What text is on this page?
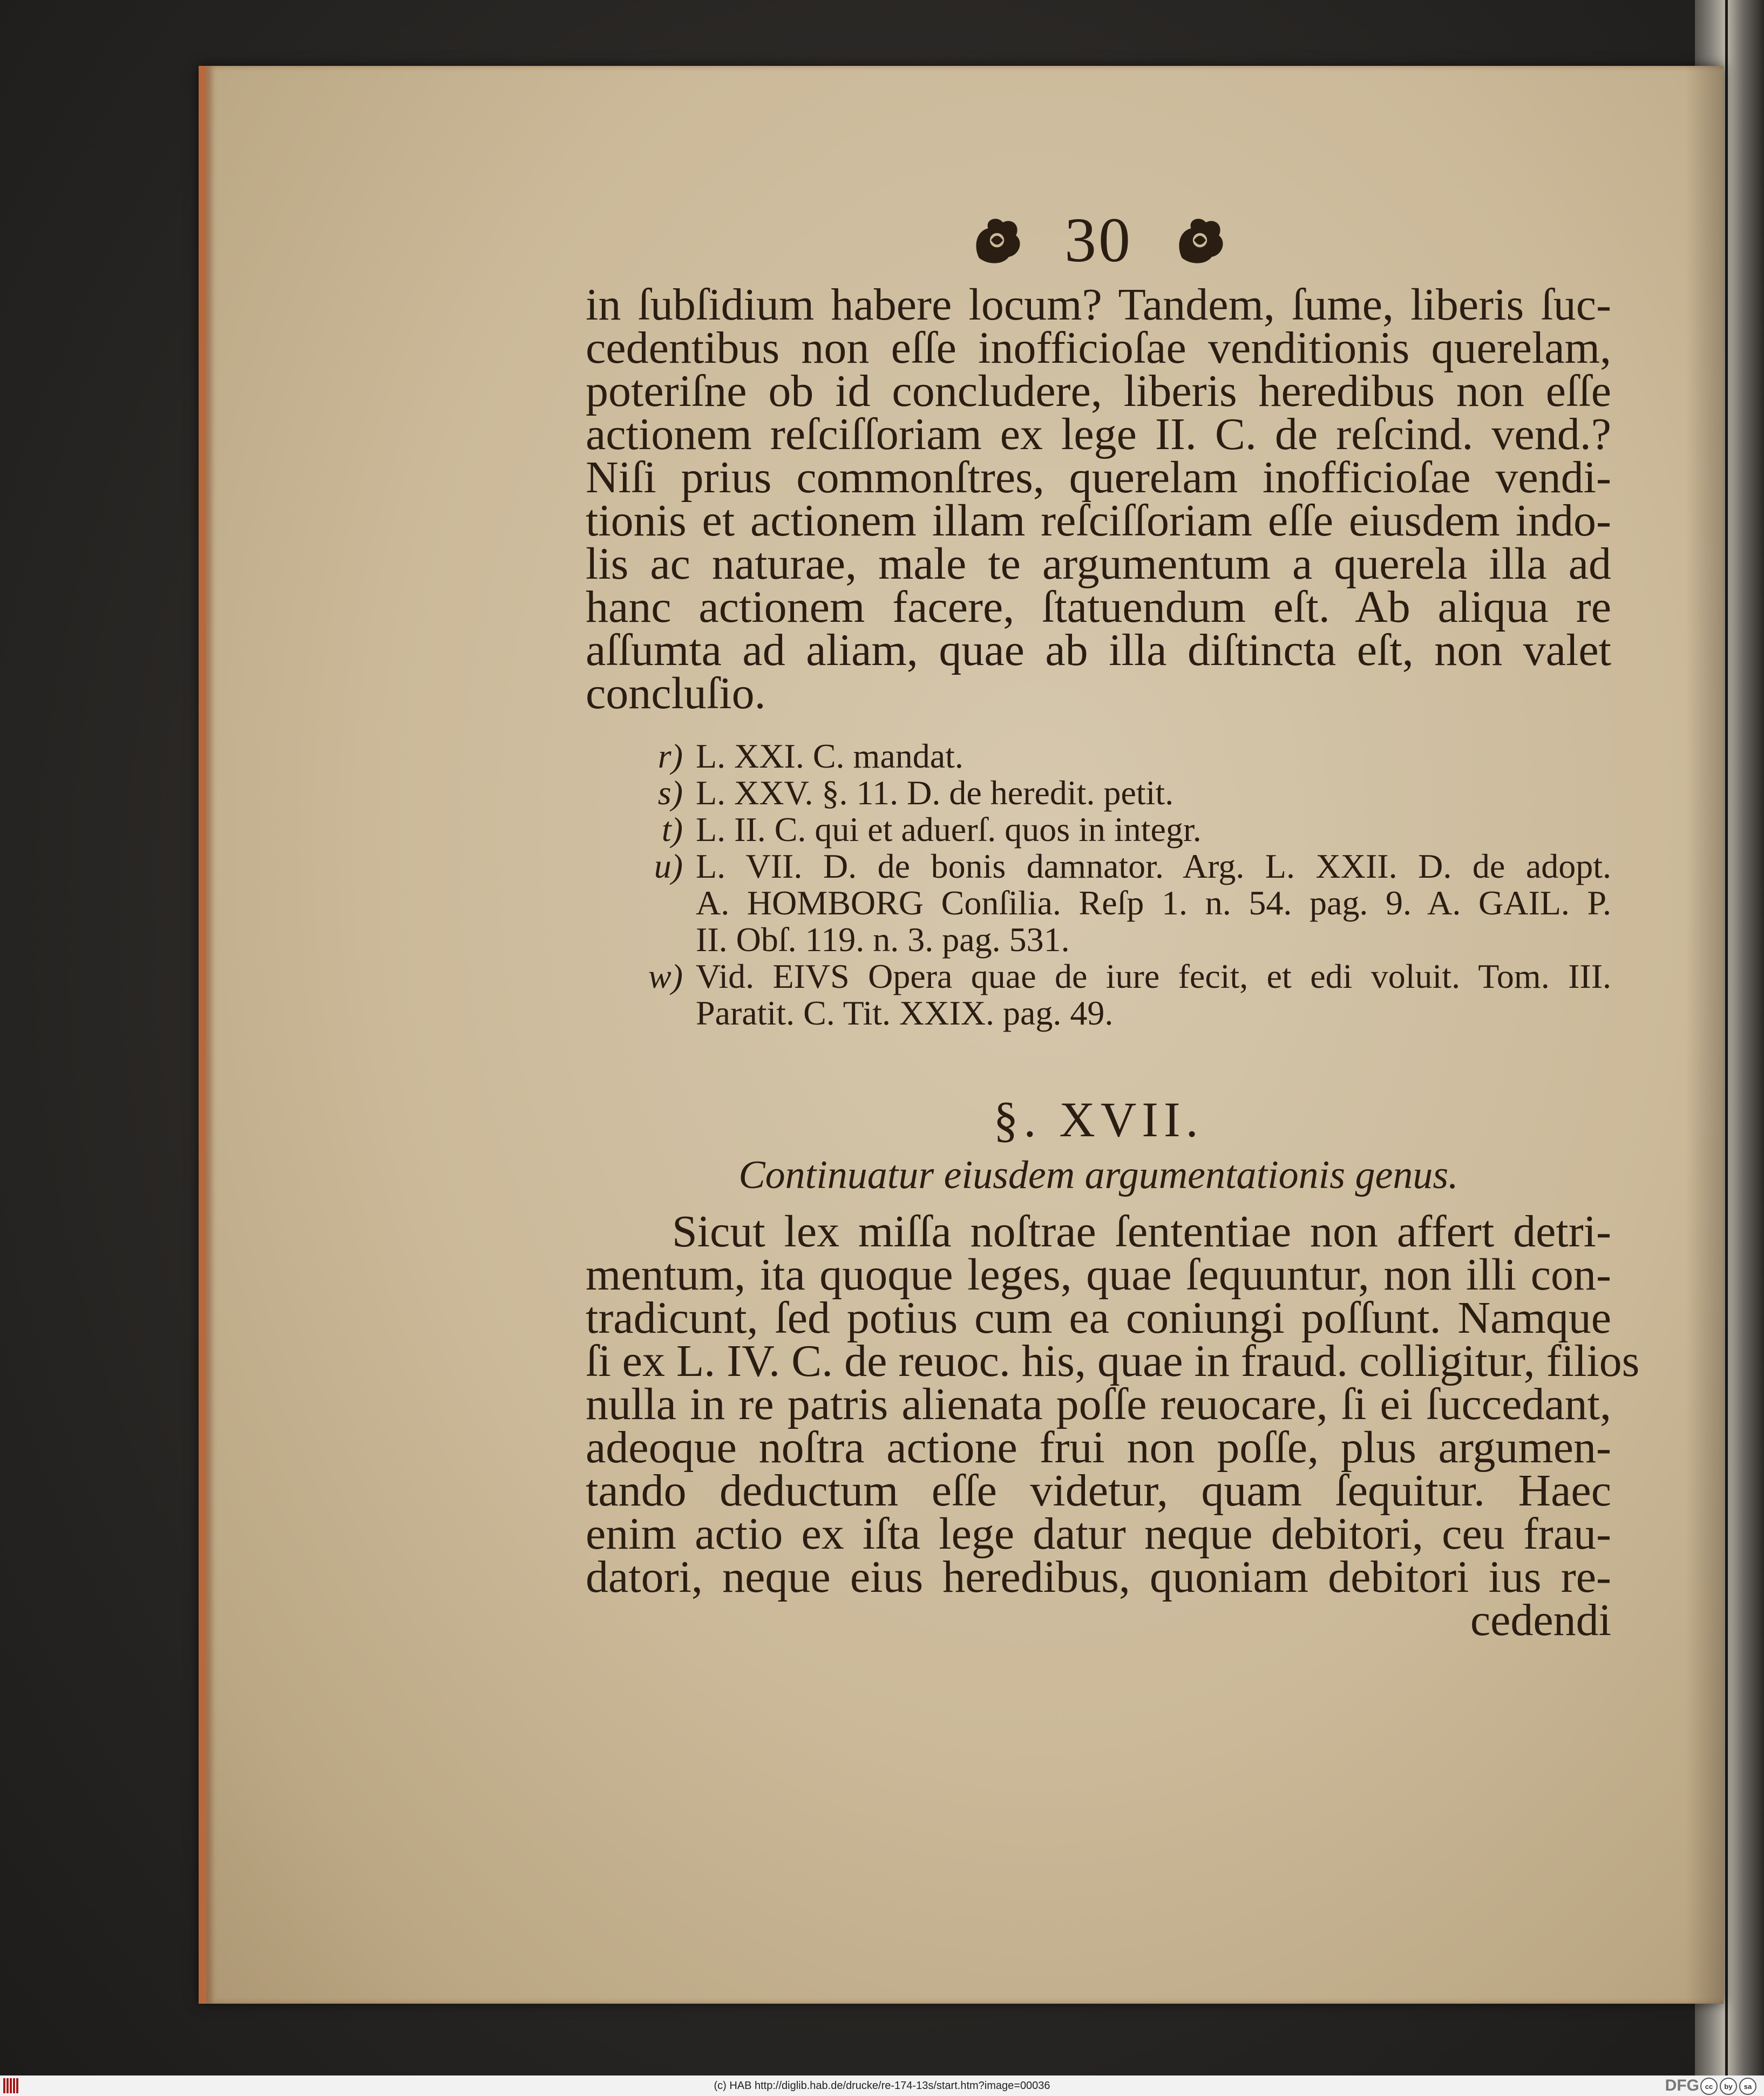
30
in ſubſidium habere locum? Tandem, ſume, liberis ſuc-
cedentibus non eſſe inofficioſae venditionis querelam,
poteriſne ob id concludere, liberis heredibus non eſſe
actionem reſciſſoriam ex lege II. C. de reſcind. vend.?
Niſi prius commonſtres, querelam inofficioſae vendi-
tionis et actionem illam reſciſſoriam eſſe eiusdem indo-
lis ac naturae, male te argumentum a querela illa ad
hanc actionem facere, ſtatuendum eſt. Ab aliqua re
aſſumta ad aliam, quae ab illa diſtincta eſt, non valet
concluſio.
r) L. XXI. C. mandat.
s) L. XXV. §. 11. D. de heredit. petit.
t) L. II. C. qui et aduerſ. quos in integr.
u) L. VII. D. de bonis damnator. Arg. L. XXII. D. de adopt.
A. HOMBORG Conſilia. Reſp 1. n. 54. pag. 9. A. GAIL. P.
II. Obſ. 119. n. 3. pag. 531.
w) Vid. EIVS Opera quae de iure fecit, et edi voluit. Tom. III.
Paratit. C. Tit. XXIX. pag. 49.
§. XVII.
Continuatur eiusdem argumentationis genus.
Sicut lex miſſa noſtrae ſententiae non affert detri-
mentum, ita quoque leges, quae ſequuntur, non illi con-
tradicunt, ſed potius cum ea coniungi poſſunt. Namque
ſi ex L. IV. C. de reuoc. his, quae in fraud. colligitur, filios
nulla in re patris alienata poſſe reuocare, ſi ei ſuccedant,
adeoque noſtra actione frui non poſſe, plus argumen-
tando deductum eſſe videtur, quam ſequitur. Haec
enim actio ex iſta lege datur neque debitori, ceu frau-
datori, neque eius heredibus, quoniam debitori ius re-
cedendi
(c) HAB http://diglib.hab.de/drucke/re-174-13s/start.htm?image=00036	DFG cc	by	sa
